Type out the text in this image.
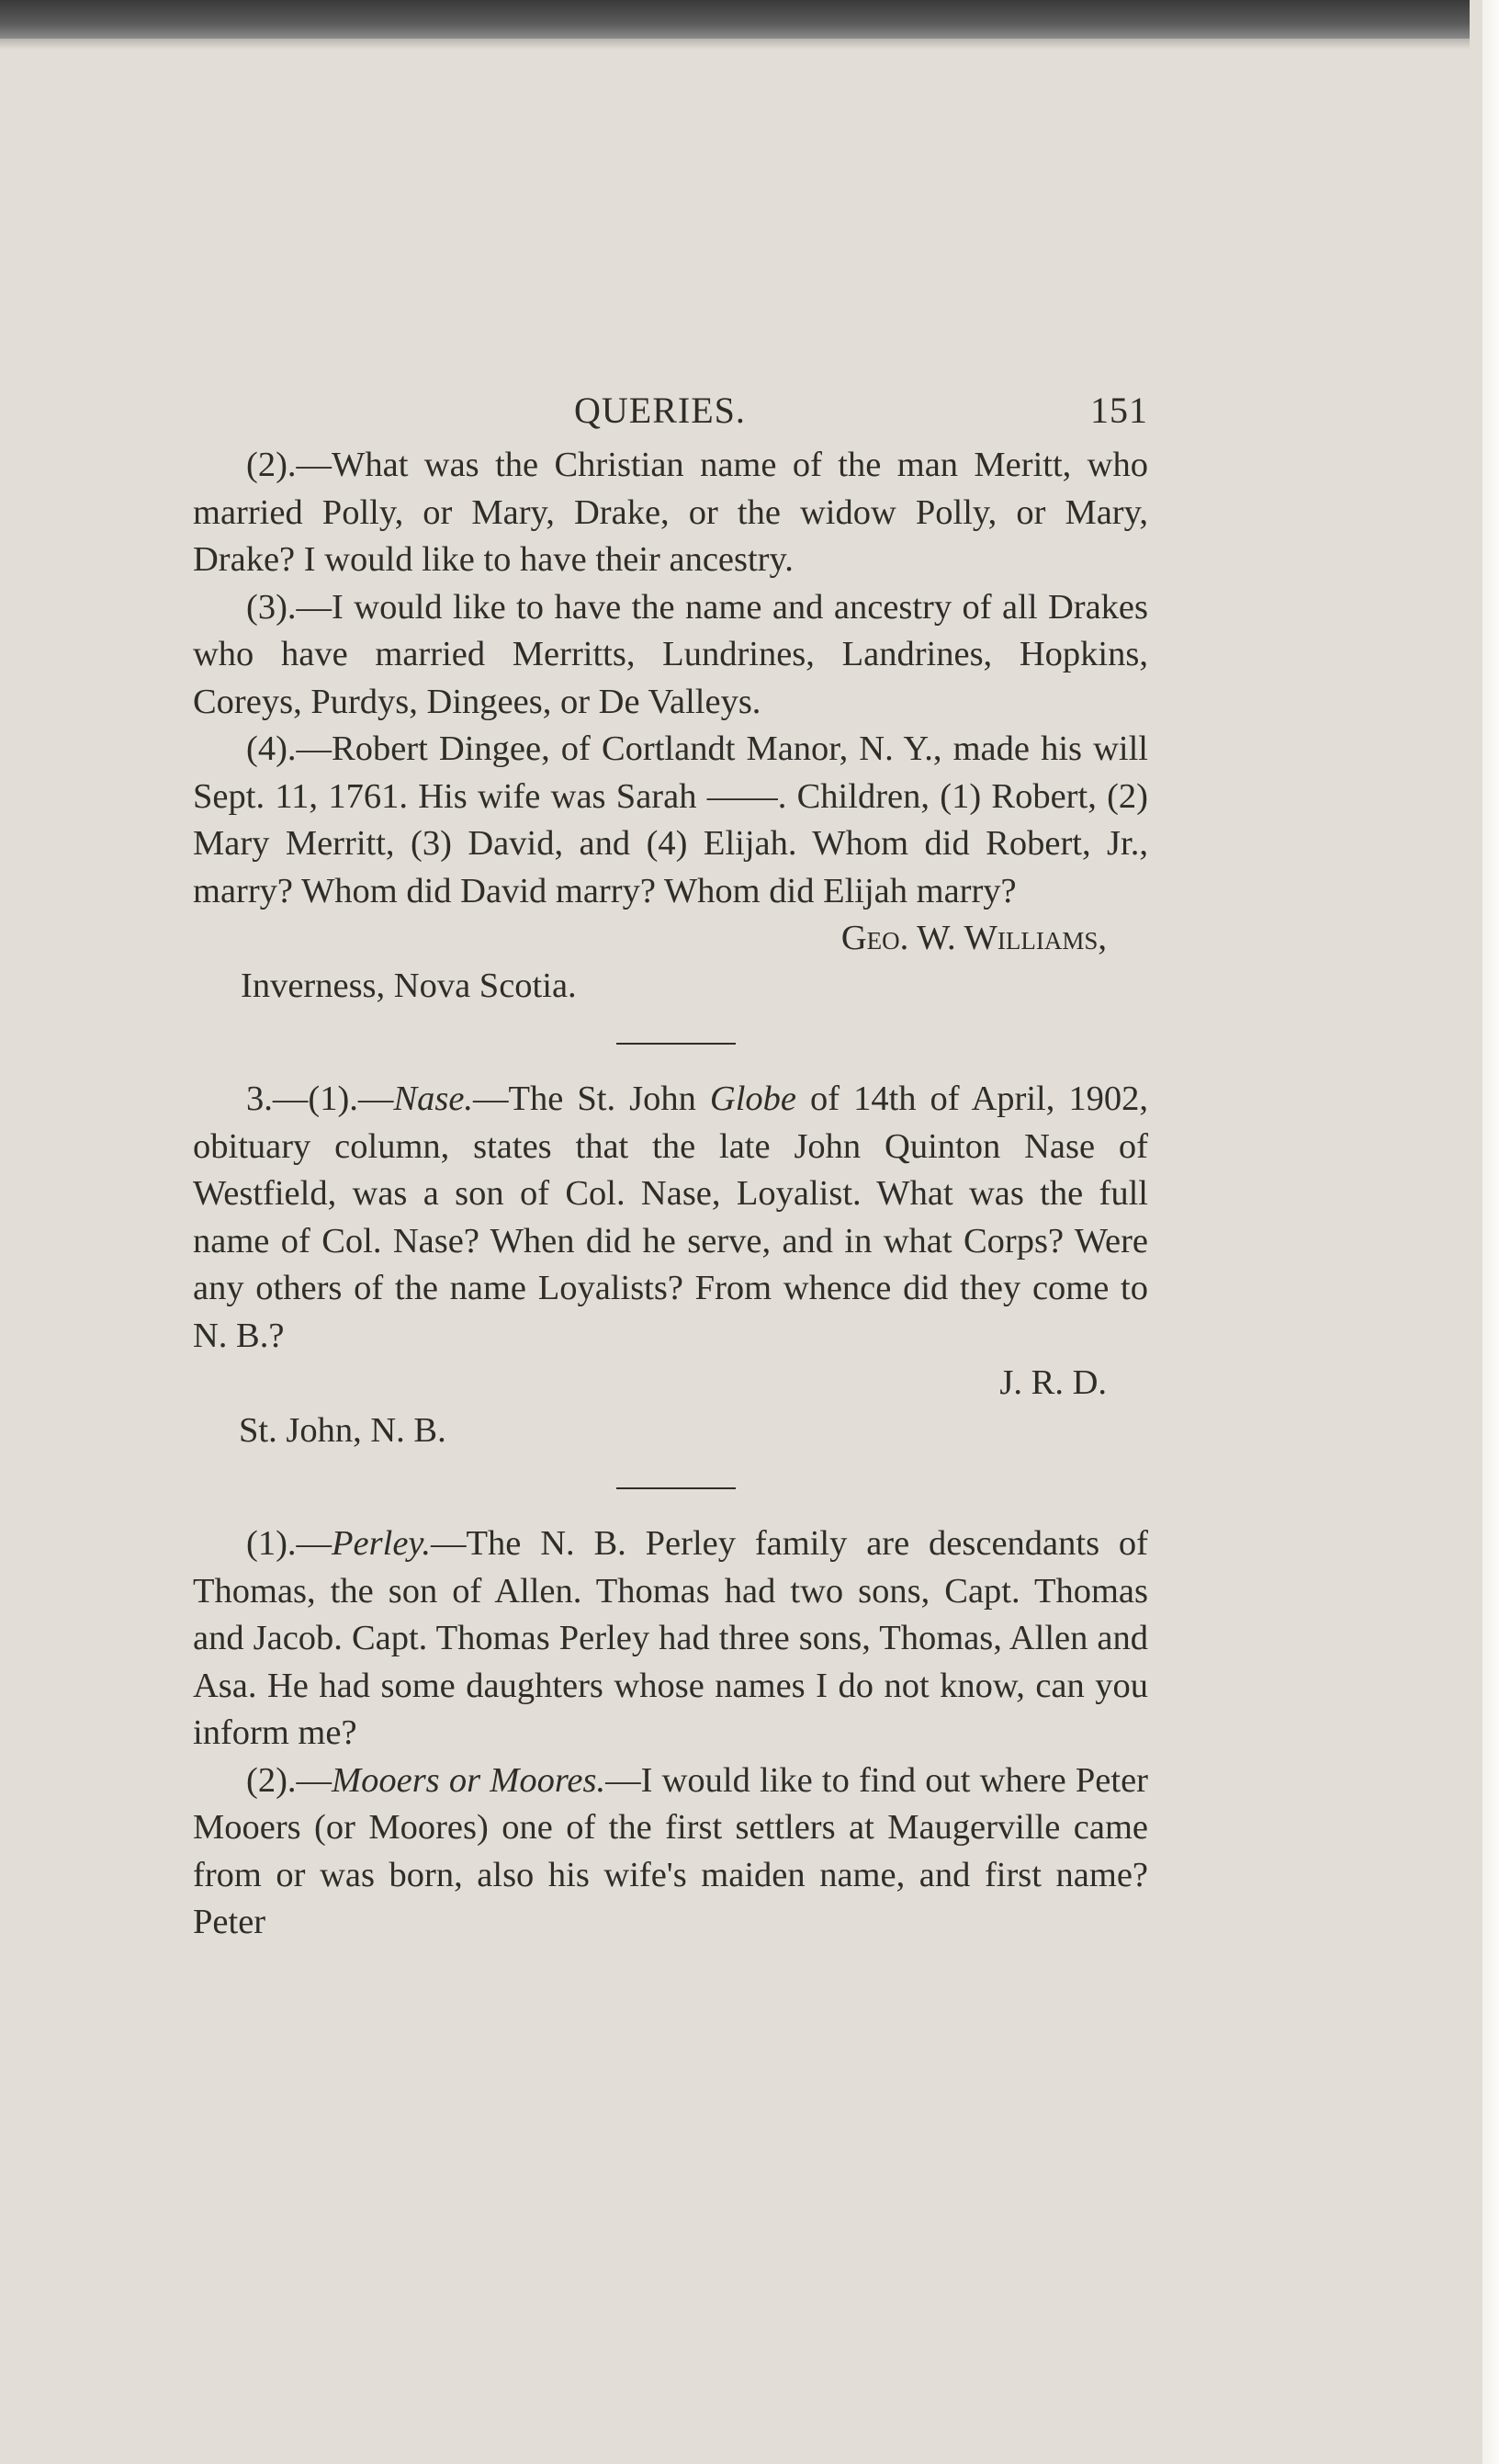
QUERIES.	151

(2).—What was the Christian name of the man Meritt, who married Polly, or Mary, Drake, or the widow Polly, or Mary, Drake? I would like to have their ancestry.

(3).—I would like to have the name and ancestry of all Drakes who have married Merritts, Lundrines, Landrines, Hopkins, Coreys, Purdys, Dingees, or De Valleys.

(4).—Robert Dingee, of Cortlandt Manor, N. Y., made his will Sept. 11, 1761. His wife was Sarah ——. Children, (1) Robert, (2) Mary Merritt, (3) David, and (4) Elijah. Whom did Robert, Jr., marry? Whom did David marry? Whom did Elijah marry?

Geo. W. Williams,

Inverness, Nova Scotia.

3.—(1).—Nase.—The St. John Globe of 14th of April, 1902, obituary column, states that the late John Quinton Nase of Westfield, was a son of Col. Nase, Loyalist. What was the full name of Col. Nase? When did he serve, and in what Corps? Were any others of the name Loyalists? From whence did they come to N. B.?

J. R. D.

St. John, N. B.

(1).—Perley.—The N. B. Perley family are descendants of Thomas, the son of Allen. Thomas had two sons, Capt. Thomas and Jacob. Capt. Thomas Perley had three sons, Thomas, Allen and Asa. He had some daughters whose names I do not know, can you inform me?

(2).—Mooers or Moores.—I would like to find out where Peter Mooers (or Moores) one of the first settlers at Maugerville came from or was born, also his wife's maiden name, and first name? Peter
